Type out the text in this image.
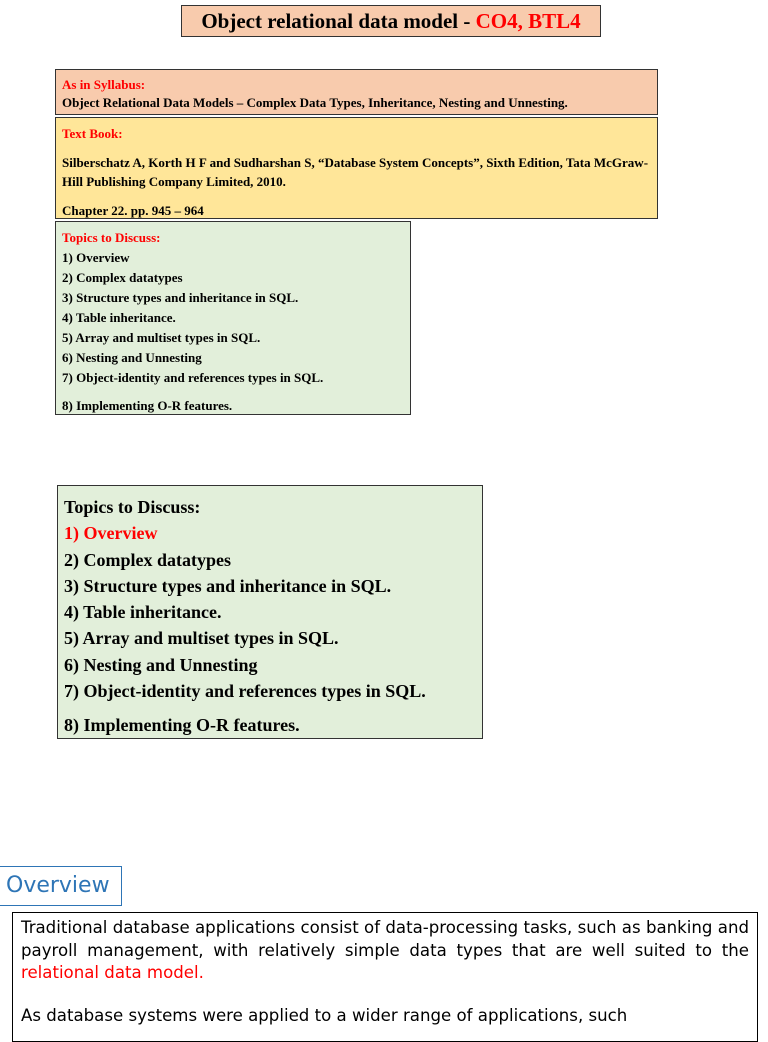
Object relational data model - CO4, BTL4
As in Syllabus:
Object Relational Data Models – Complex Data Types, Inheritance, Nesting and Unnesting.

Text Book:

Silberschatz A, Korth H F and Sudharshan S, “Database System Concepts”, Sixth Edition, Tata McGraw-Hill Publishing Company Limited, 2010.

Chapter 22. pp. 945 – 964

Topics to Discuss:
1) Overview
2) Complex datatypes
3) Structure types and inheritance in SQL.
4) Table inheritance.
5) Array and multiset types in SQL.
6) Nesting and Unnesting
7) Object-identity and references types in SQL.
8) Implementing O-R features.
Topics to Discuss:
1) Overview
2) Complex datatypes
3) Structure types and inheritance in SQL.
4) Table inheritance.
5) Array and multiset types in SQL.
6) Nesting and Unnesting
7) Object-identity and references types in SQL.
8) Implementing O-R features.
Overview

Traditional database applications consist of data-processing tasks, such as banking and payroll management, with relatively simple data types that are well suited to the relational data model.

As database systems were applied to a wider range of applications, such
